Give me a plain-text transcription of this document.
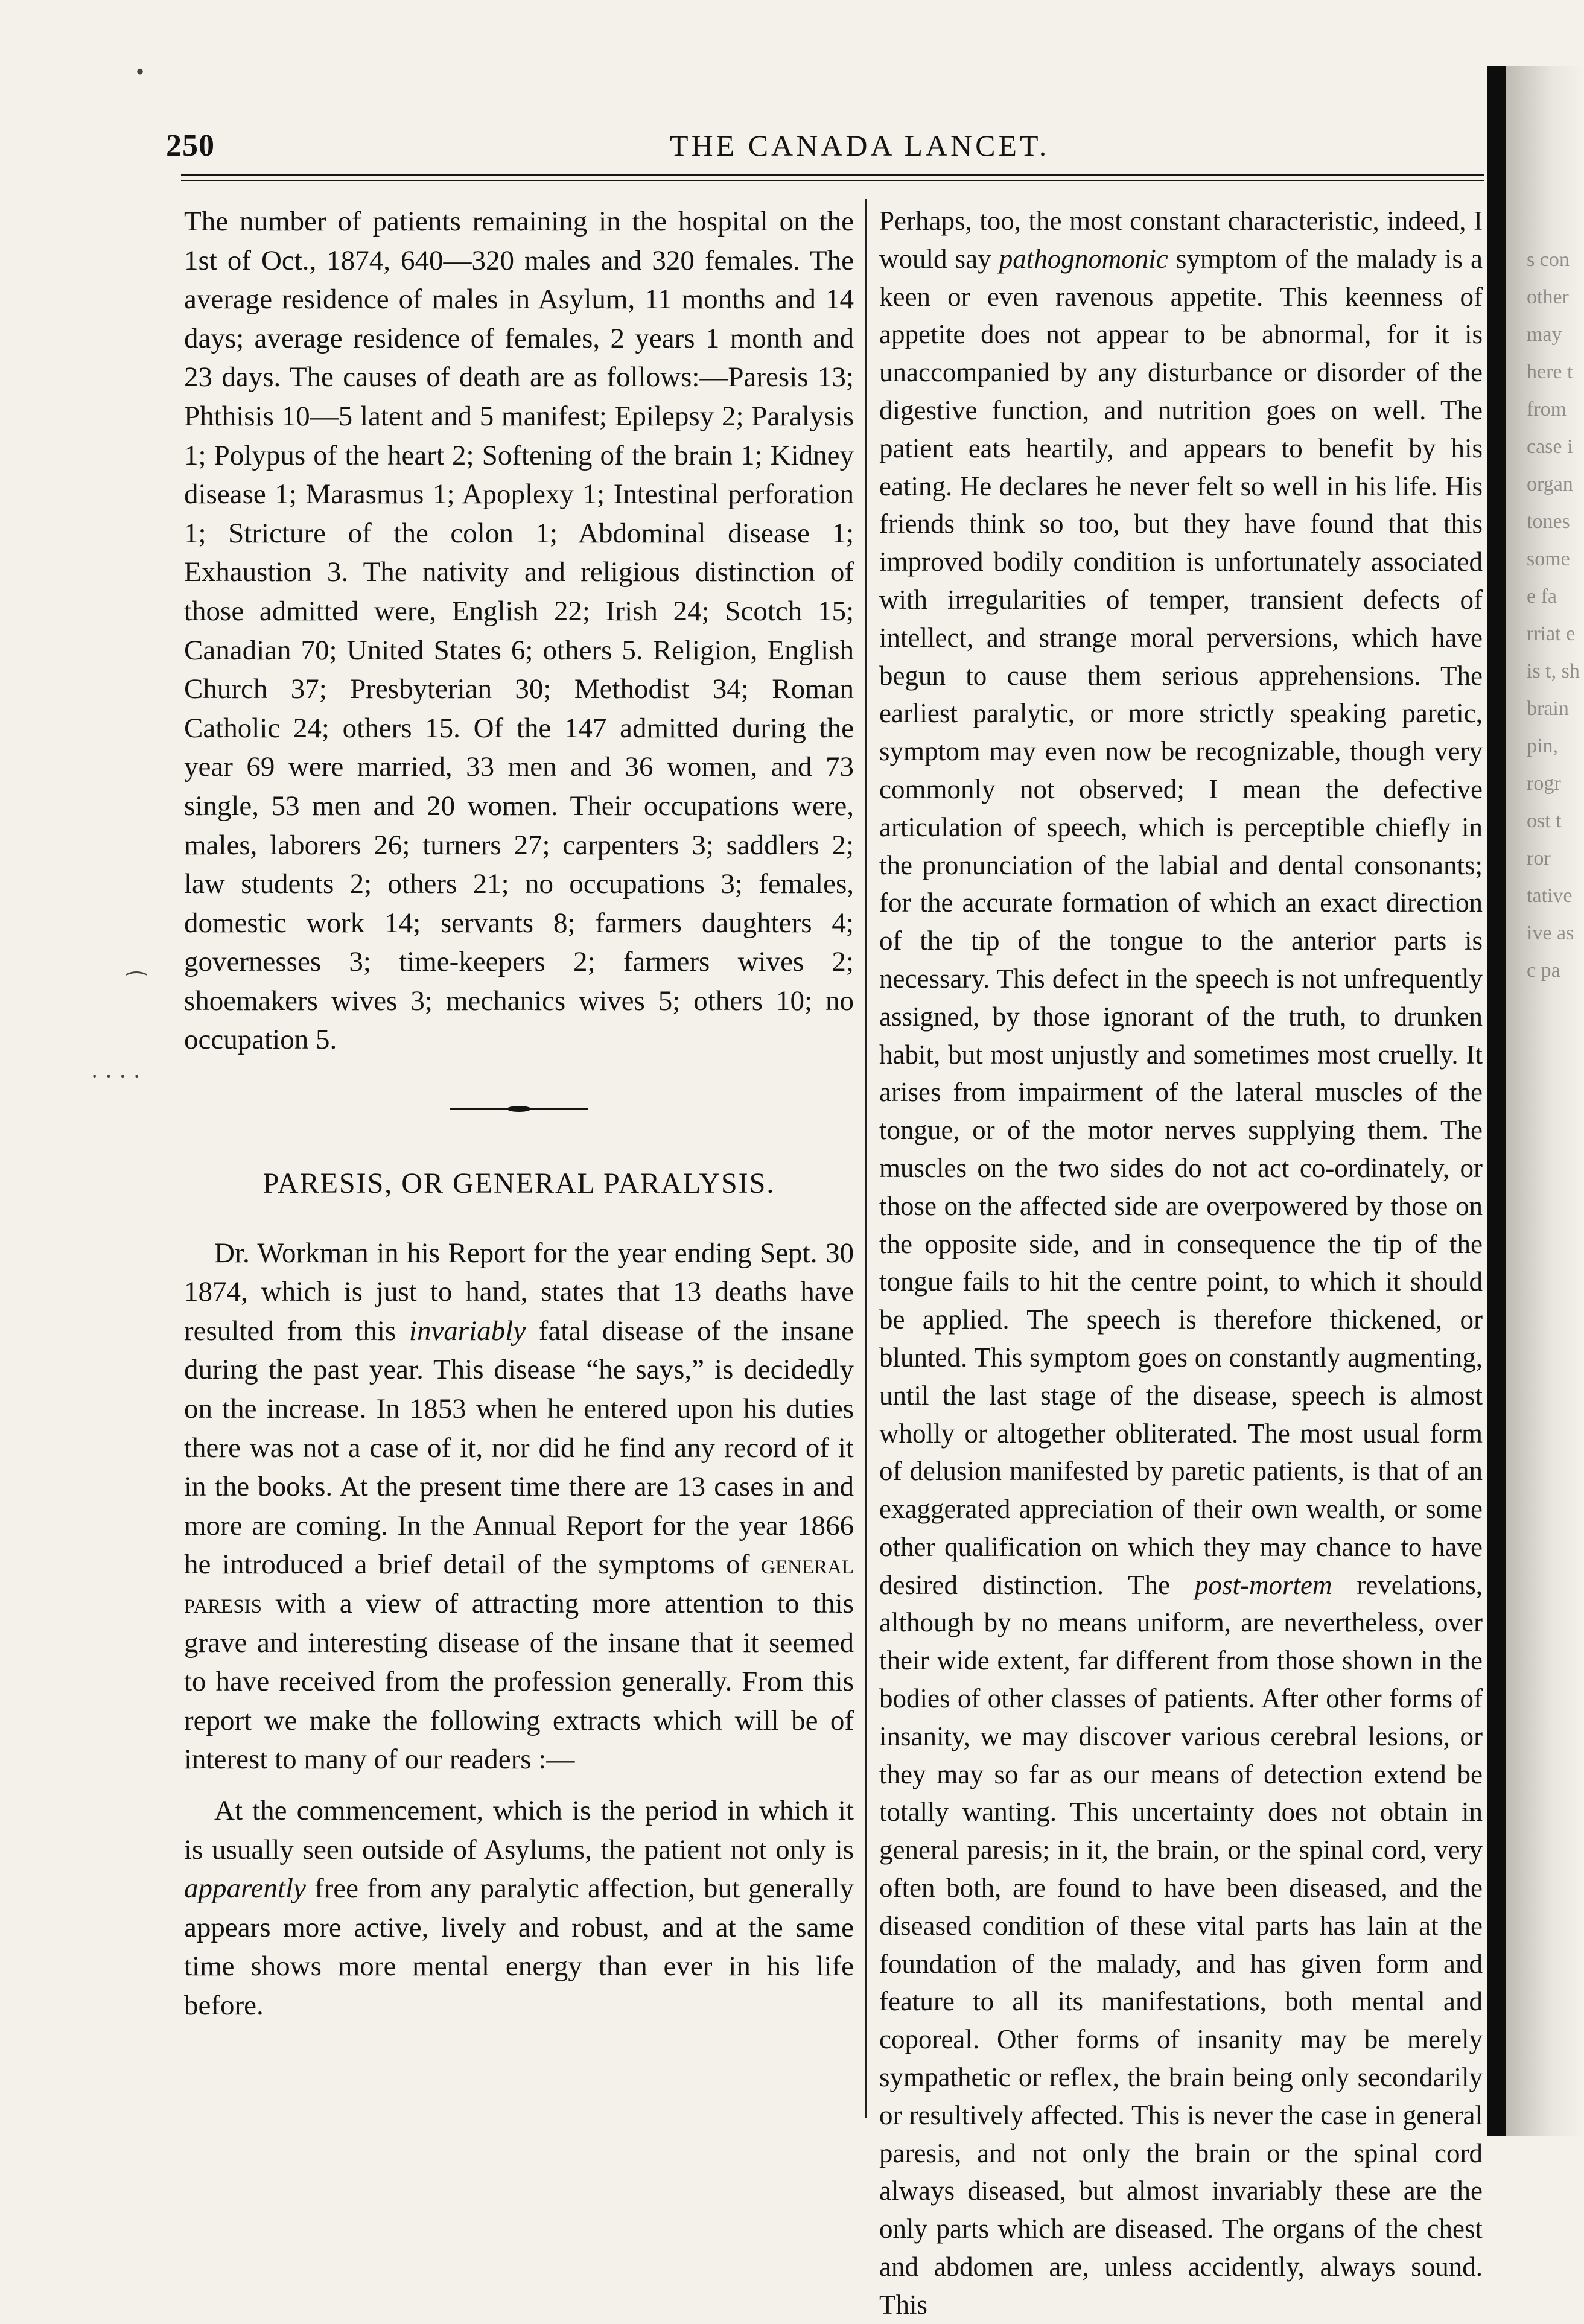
250	THE CANADA LANCET.

The number of patients remaining in the hospital on the 1st of Oct., 1874, 640—320 males and 320 females. The average residence of males in Asylum, 11 months and 14 days; average residence of females, 2 years 1 month and 23 days. The causes of death are as follows:—Paresis 13; Phthisis 10—5 latent and 5 manifest; Epilepsy 2; Paralysis 1; Polypus of the heart 2; Softening of the brain 1; Kidney disease 1; Marasmus 1; Apoplexy 1; Intestinal perforation 1; Stricture of the colon 1; Abdominal disease 1; Exhaustion 3. The nativity and religious distinction of those admitted were, English 22; Irish 24; Scotch 15; Canadian 70; United States 6; others 5. Religion, English Church 37; Presbyterian 30; Methodist 34; Roman Catholic 24; others 15. Of the 147 admitted during the year 69 were married, 33 men and 36 women, and 73 single, 53 men and 20 women. Their occupations were, males, laborers 26; turners 27; carpenters 3; saddlers 2; law students 2; others 21; no occupations 3; females, domestic work 14; servants 8; farmers daughters 4; governesses 3; time-keepers 2; farmers wives 2; shoemakers wives 3; mechanics wives 5; others 10; no occupation 5.

PARESIS, OR GENERAL PARALYSIS.

Dr. Workman in his Report for the year ending Sept. 30 1874, which is just to hand, states that 13 deaths have resulted from this invariably fatal disease of the insane during the past year. This disease “he says,” is decidedly on the increase. In 1853 when he entered upon his duties there was not a case of it, nor did he find any record of it in the books. At the present time there are 13 cases in and more are coming. In the Annual Report for the year 1866 he introduced a brief detail of the symptoms of general paresis with a view of attracting more attention to this grave and interesting disease of the insane that it seemed to have received from the profession generally. From this report we make the following extracts which will be of interest to many of our readers :—

At the commencement, which is the period in which it is usually seen outside of Asylums, the patient not only is apparently free from any paralytic affection, but generally appears more active, lively and robust, and at the same time shows more mental energy than ever in his life before.

Perhaps, too, the most constant characteristic, indeed, I would say pathognomonic symptom of the malady is a keen or even ravenous appetite. This keenness of appetite does not appear to be abnormal, for it is unaccompanied by any disturbance or disorder of the digestive function, and nutrition goes on well. The patient eats heartily, and appears to benefit by his eating. He declares he never felt so well in his life. His friends think so too, but they have found that this improved bodily condition is unfortunately associated with irregularities of temper, transient defects of intellect, and strange moral perversions, which have begun to cause them serious apprehensions. The earliest paralytic, or more strictly speaking paretic, symptom may even now be recognizable, though very commonly not observed; I mean the defective articulation of speech, which is perceptible chiefly in the pronunciation of the labial and dental consonants; for the accurate formation of which an exact direction of the tip of the tongue to the anterior parts is necessary. This defect in the speech is not unfrequently assigned, by those ignorant of the truth, to drunken habit, but most unjustly and sometimes most cruelly. It arises from impairment of the lateral muscles of the tongue, or of the motor nerves supplying them. The muscles on the two sides do not act co-ordinately, or those on the affected side are overpowered by those on the opposite side, and in consequence the tip of the tongue fails to hit the centre point, to which it should be applied. The speech is therefore thickened, or blunted. This symptom goes on constantly augmenting, until the last stage of the disease, speech is almost wholly or altogether obliterated. The most usual form of delusion manifested by paretic patients, is that of an exaggerated appreciation of their own wealth, or some other qualification on which they may chance to have desired distinction. The post-mortem revelations, although by no means uniform, are nevertheless, over their wide extent, far different from those shown in the bodies of other classes of patients. After other forms of insanity, we may discover various cerebral lesions, or they may so far as our means of detection extend be totally wanting. This uncertainty does not obtain in general paresis; in it, the brain, or the spinal cord, very often both, are found to have been diseased, and the diseased condition of these vital parts has lain at the foundation of the malady, and has given form and feature to all its manifestations, both mental and coporeal. Other forms of insanity may be merely sympathetic or reflex, the brain being only secondarily or resultively affected. This is never the case in general paresis, and not only the brain or the spinal cord always diseased, but almost invariably these are the only parts which are diseased. The organs of the chest and abdomen are, unless accidently, always sound. This

s con other may here t from case i organ tones some e fa rriat e is t, sh brain pin, rogr ost t ror tative ive as c pa
•
⁀
· · · ·
